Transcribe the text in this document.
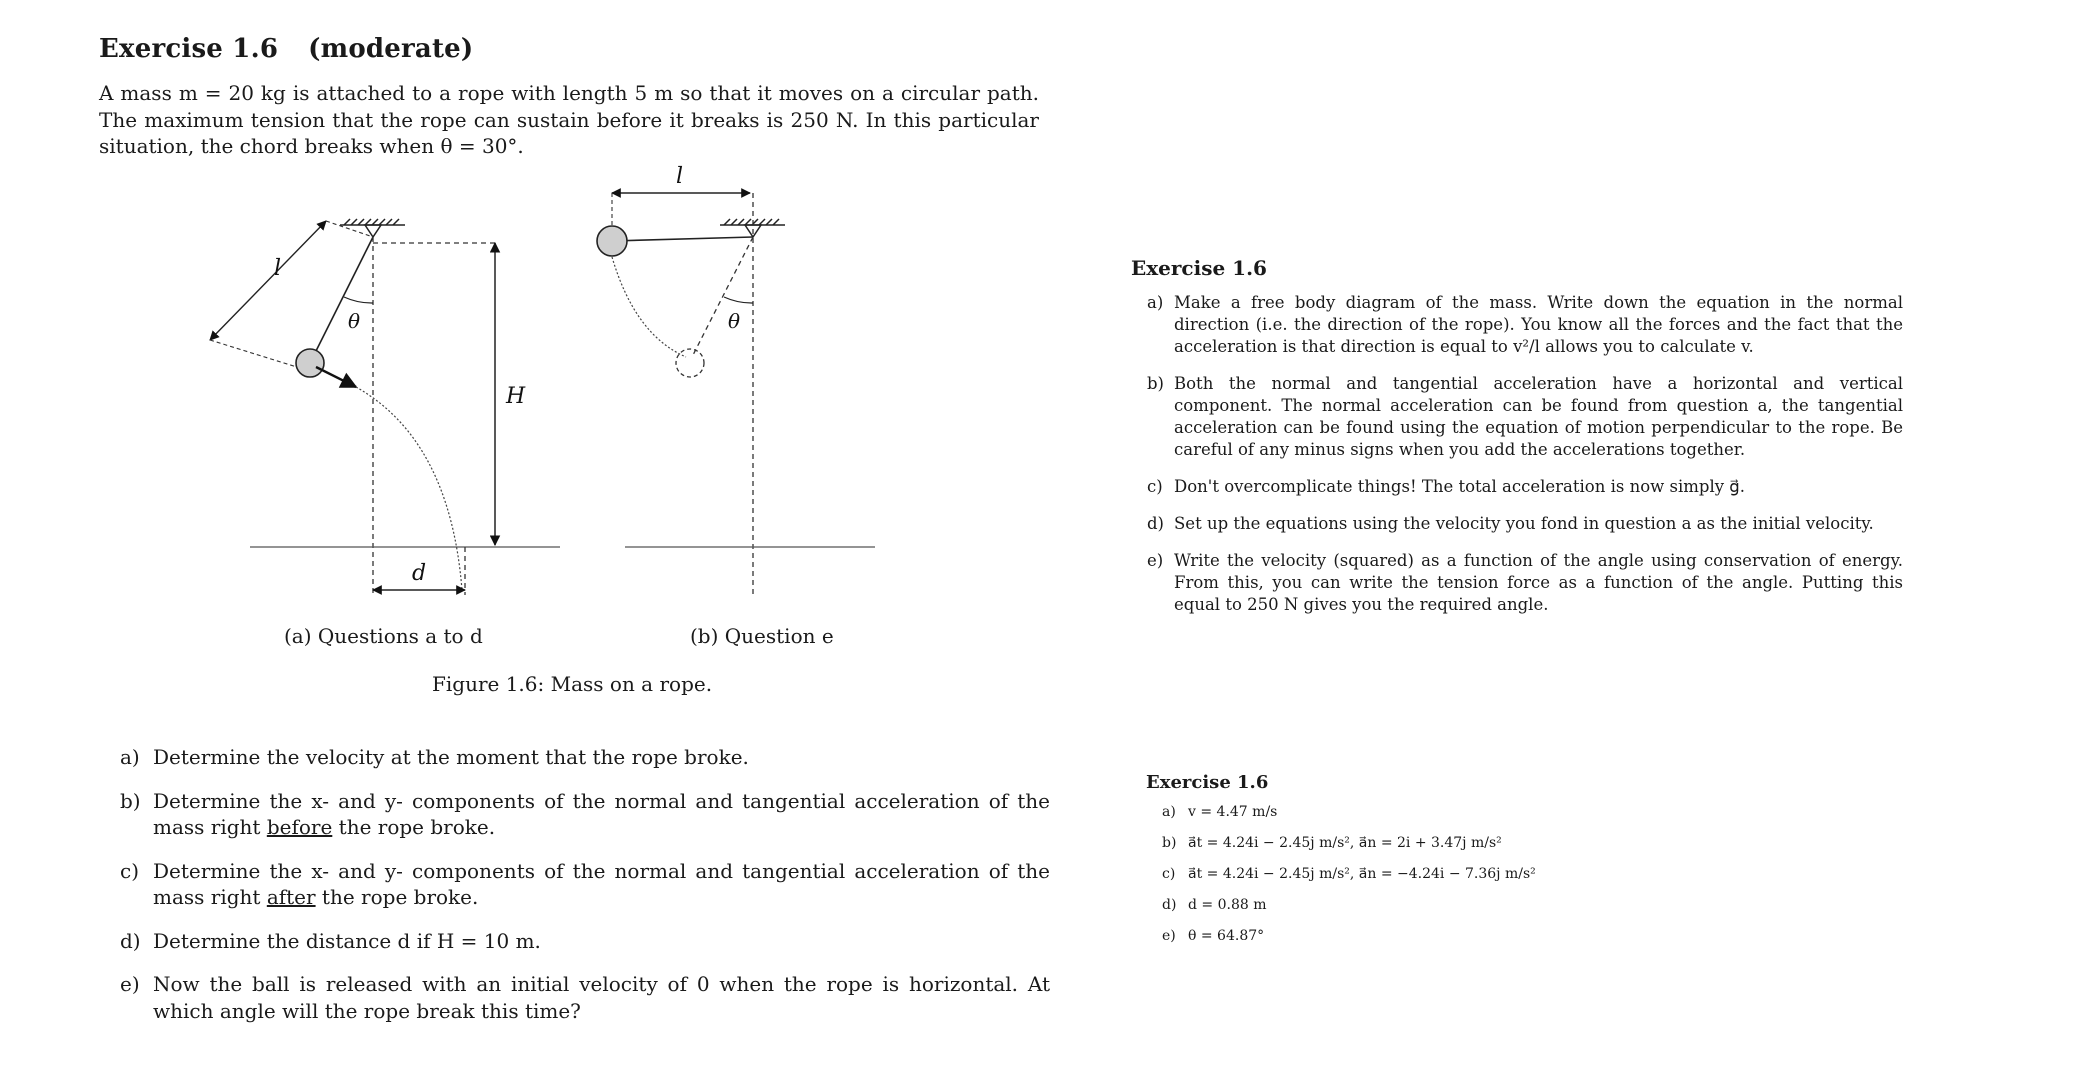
Exercise 1.6 (moderate)
A mass m = 20 kg is attached to a rope with length 5 m so that it moves on a circular path. The maximum tension that the rope can sustain before it breaks is 250 N. In this particular situation, the chord breaks when θ = 30°.
θ
l
H
d
l
θ
(a) Questions a to d	(b) Question e
Figure 1.6: Mass on a rope.
a) Determine the velocity at the moment that the rope broke.
b) Determine the x- and y- components of the normal and tangential acceleration of the mass right before the rope broke.
c) Determine the x- and y- components of the normal and tangential acceleration of the mass right after the rope broke.
d) Determine the distance d if H = 10 m.
e) Now the ball is released with an initial velocity of 0 when the rope is horizontal. At which angle will the rope break this time?
Exercise 1.6
a) Make a free body diagram of the mass. Write down the equation in the normal direction (i.e. the direction of the rope). You know all the forces and the fact that the acceleration is that direction is equal to v²/l allows you to calculate v.
b) Both the normal and tangential acceleration have a horizontal and vertical component. The normal acceleration can be found from question a, the tangential acceleration can be found using the equation of motion perpendicular to the rope. Be careful of any minus signs when you add the accelerations together.
c) Don't overcomplicate things! The total acceleration is now simply g⃗.
d) Set up the equations using the velocity you fond in question a as the initial velocity.
e) Write the velocity (squared) as a function of the angle using conservation of energy. From this, you can write the tension force as a function of the angle. Putting this equal to 250 N gives you the required angle.
Exercise 1.6
a) v = 4.47 m/s
b) a⃗t = 4.24i − 2.45j m/s², a⃗n = 2i + 3.47j m/s²
c) a⃗t = 4.24i − 2.45j m/s², a⃗n = −4.24i − 7.36j m/s²
d) d = 0.88 m
e) θ = 64.87°
